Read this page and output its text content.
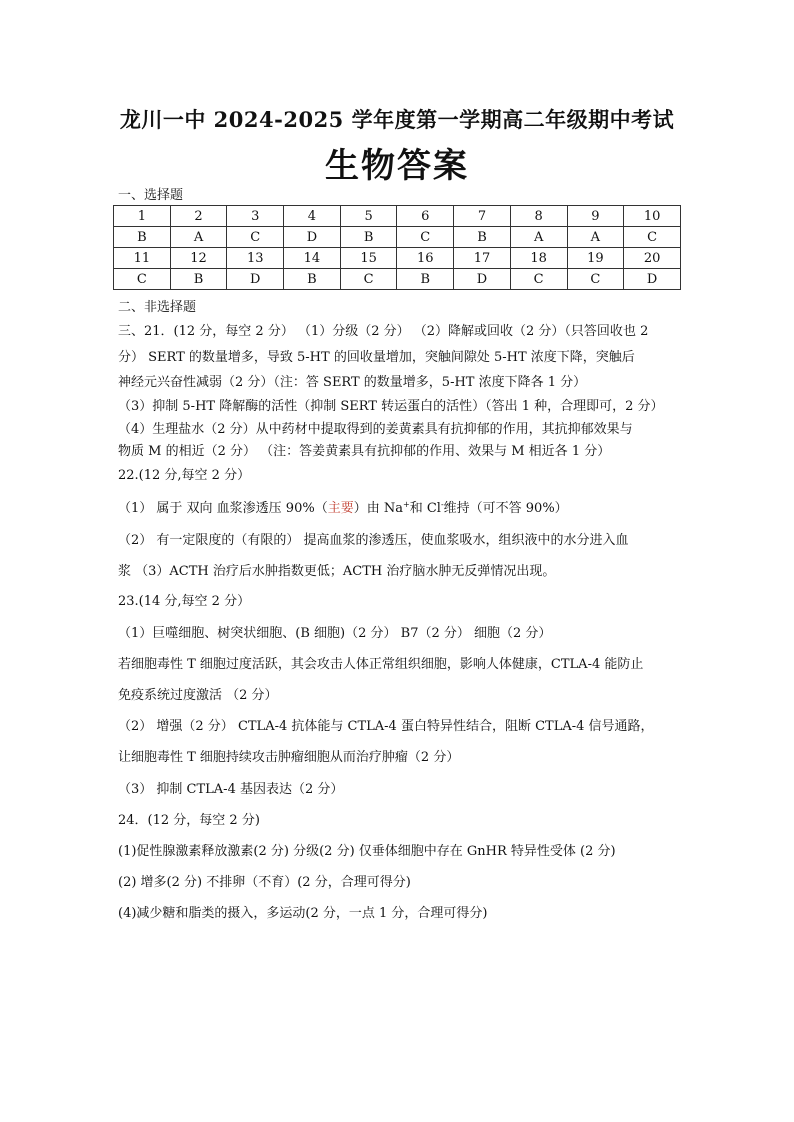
龙川一中 2024-2025 学年度第一学期高二年级期中考试
生物答案
一、选择题
1	2	3	4	5	6	7	8	9	10
B	A	C	D	B	C	B	A	A	C
11	12	13	14	15	16	17	18	19	20
C	B	D	B	C	B	D	C	C	D
二、非选择题
三、21．(12 分，每空 2 分） （1）分级（2 分） （2）降解或回收（2 分）（只答回收也 2
分） SERT 的数量增多，导致 5-HT 的回收量增加，突触间隙处 5-HT 浓度下降，突触后
神经元兴奋性减弱（2 分）（注：答 SERT 的数量增多，5-HT 浓度下降各 1 分）
（3）抑制 5-HT 降解酶的活性（抑制 SERT 转运蛋白的活性）（答出 1 种，合理即可，2 分）
（4）生理盐水（2 分）从中药材中提取得到的姜黄素具有抗抑郁的作用，其抗抑郁效果与
物质 M 的相近（2 分） （注：答姜黄素具有抗抑郁的作用、效果与 M 相近各 1 分）
22.(12 分,每空 2 分）
（1） 属于 双向 血浆渗透压 90%（主要）由 Na+和 Cl-维持（可不答 90%）
（2） 有一定限度的（有限的） 提高血浆的渗透压，使血浆吸水，组织液中的水分进入血
浆 （3）ACTH 治疗后水肿指数更低；ACTH 治疗脑水肿无反弹情况出现。
23.(14 分,每空 2 分）
（1）巨噬细胞、树突状细胞、(B 细胞)（2 分） B7（2 分） 细胞（2 分）
若细胞毒性 T 细胞过度活跃，其会攻击人体正常组织细胞，影响人体健康，CTLA-4 能防止
免疫系统过度激活 （2 分）
（2） 增强（2 分） CTLA-4 抗体能与 CTLA-4 蛋白特异性结合，阻断 CTLA-4 信号通路，
让细胞毒性 T 细胞持续攻击肿瘤细胞从而治疗肿瘤（2 分）
（3） 抑制 CTLA-4 基因表达（2 分）
24．(12 分，每空 2 分)
(1)促性腺激素释放激素(2 分) 分级(2 分) 仅垂体细胞中存在 GnHR 特异性受体 (2 分)
(2) 增多(2 分) 不排卵（不育）(2 分，合理可得分)
(4)减少糖和脂类的摄入，多运动(2 分，一点 1 分，合理可得分)
